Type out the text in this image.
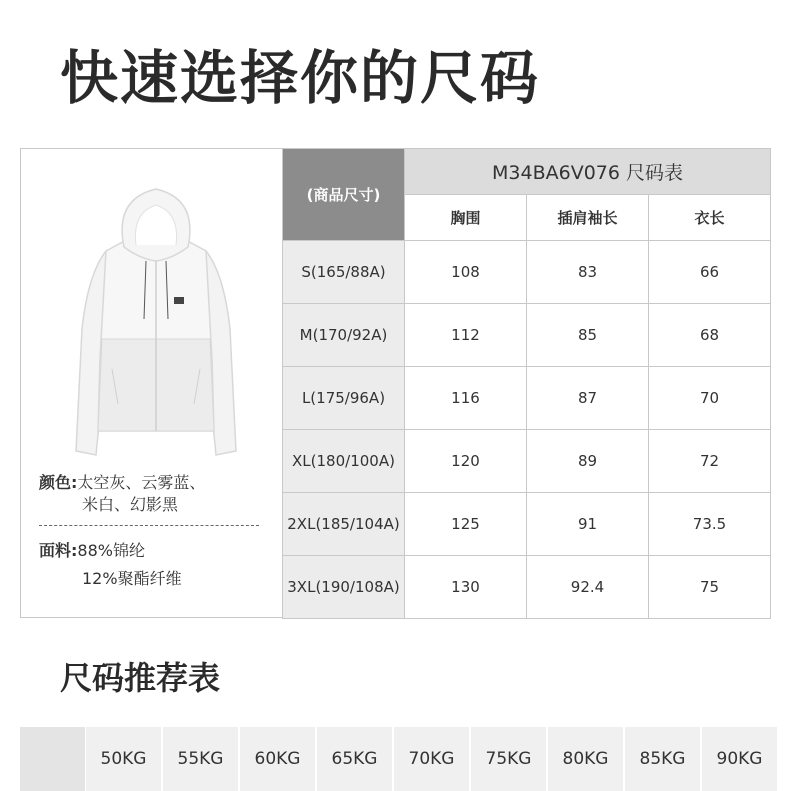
快速选择你的尺码
颜色:太空灰、云雾蓝、
米白、幻影黑
面料:88%锦纶
12%聚酯纤维
(商品尺寸)	M34BA6V076 尺码表		
	胸围	插肩袖长	衣长
S(165/88A)	108	83	66
M(170/92A)	112	85	68
L(175/96A)	116	87	70
XL(180/100A)	120	89	72
2XL(185/104A)	125	91	73.5
3XL(190/108A)	130	92.4	75
尺码推荐表
50KG	55KG	60KG	65KG	70KG	75KG	80KG	85KG	90KG
